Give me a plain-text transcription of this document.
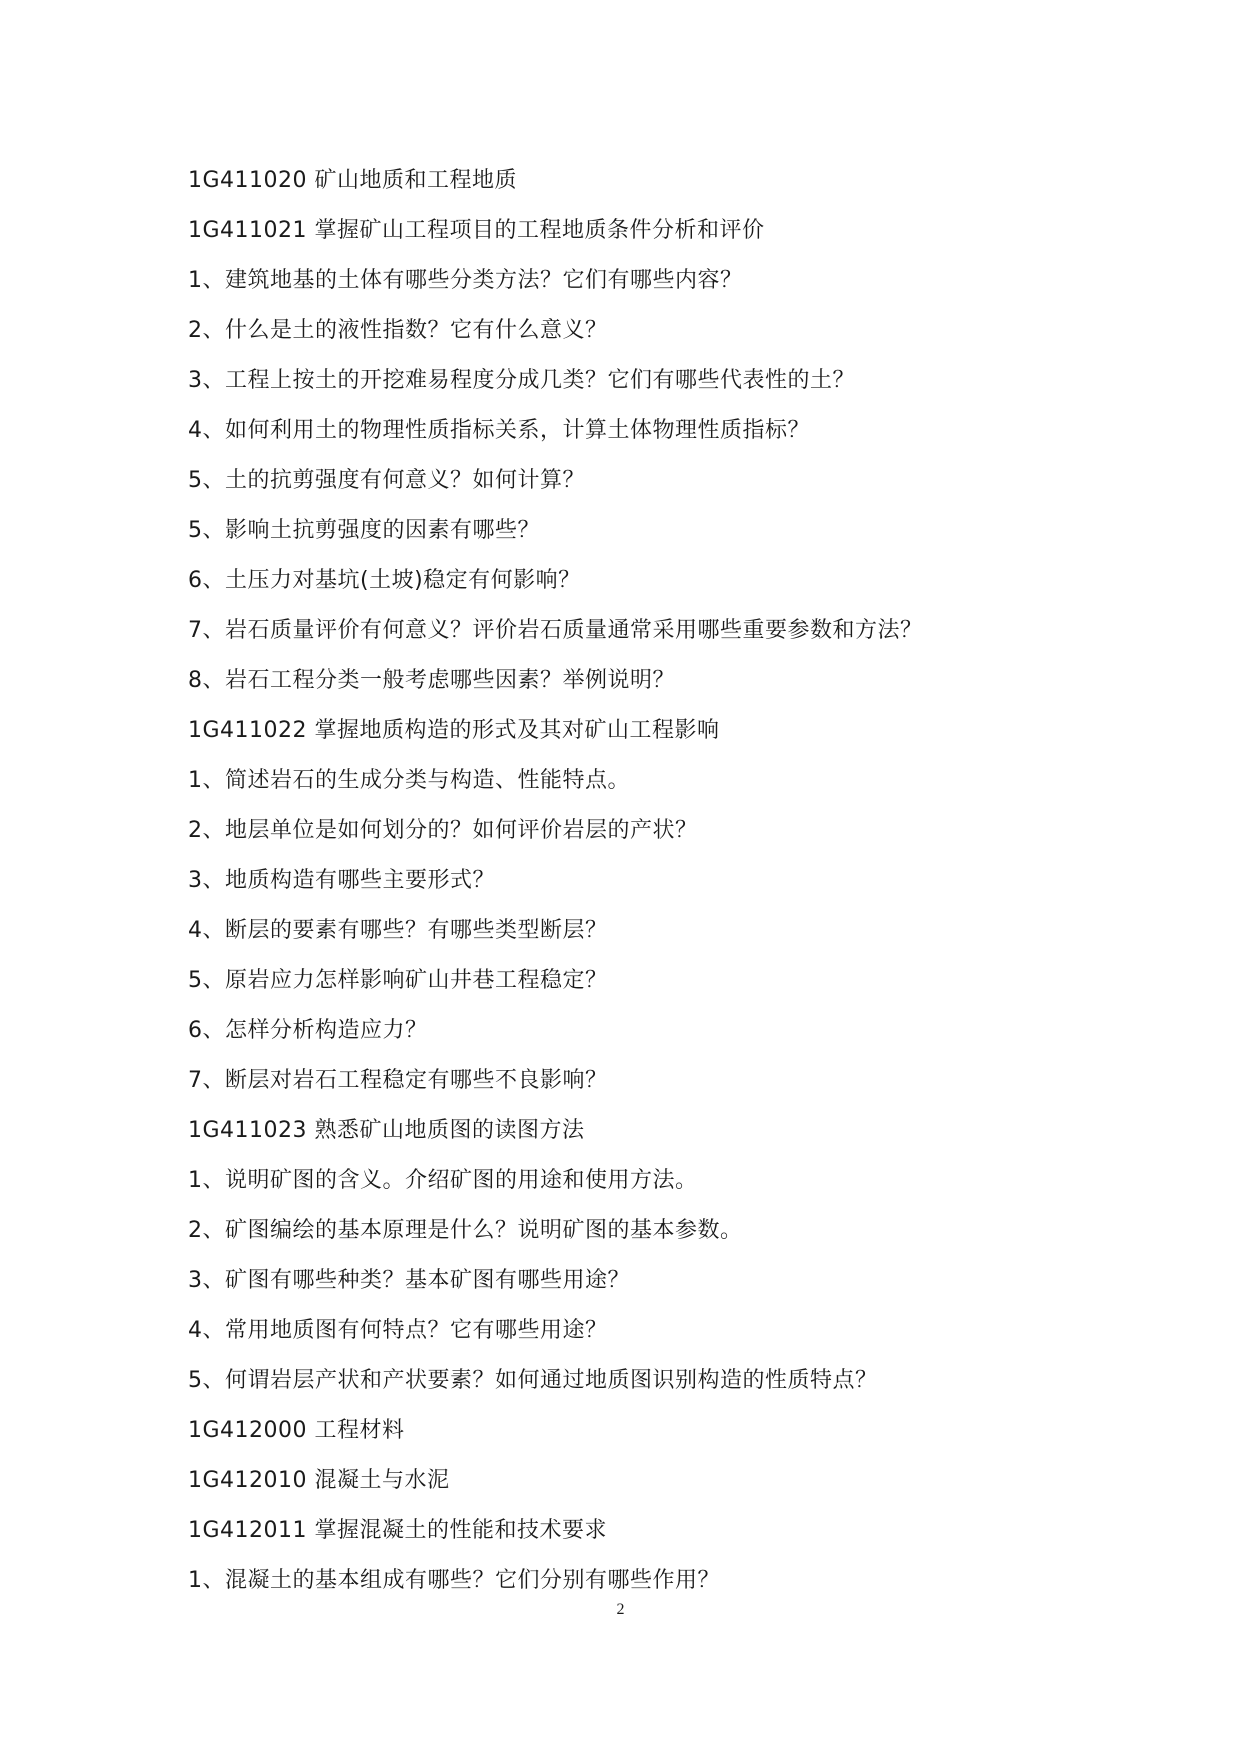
1G411020 矿山地质和工程地质
1G411021 掌握矿山工程项目的工程地质条件分析和评价
1、建筑地基的土体有哪些分类方法？它们有哪些内容？
2、什么是土的液性指数？它有什么意义？
3、工程上按土的开挖难易程度分成几类？它们有哪些代表性的土？
4、如何利用土的物理性质指标关系，计算土体物理性质指标？
5、土的抗剪强度有何意义？如何计算？
5、影响土抗剪强度的因素有哪些？
6、土压力对基坑(土坡)稳定有何影响？
7、岩石质量评价有何意义？评价岩石质量通常采用哪些重要参数和方法？
8、岩石工程分类一般考虑哪些因素？举例说明？
1G411022 掌握地质构造的形式及其对矿山工程影响
1、简述岩石的生成分类与构造、性能特点。
2、地层单位是如何划分的？如何评价岩层的产状？
3、地质构造有哪些主要形式？
4、断层的要素有哪些？有哪些类型断层？
5、原岩应力怎样影响矿山井巷工程稳定？
6、怎样分析构造应力？
7、断层对岩石工程稳定有哪些不良影响？
1G411023 熟悉矿山地质图的读图方法
1、说明矿图的含义。介绍矿图的用途和使用方法。
2、矿图编绘的基本原理是什么？说明矿图的基本参数。
3、矿图有哪些种类？基本矿图有哪些用途？
4、常用地质图有何特点？它有哪些用途？
5、何谓岩层产状和产状要素？如何通过地质图识别构造的性质特点？
1G412000 工程材料
1G412010 混凝土与水泥
1G412011 掌握混凝土的性能和技术要求
1、混凝土的基本组成有哪些？它们分别有哪些作用？
2
